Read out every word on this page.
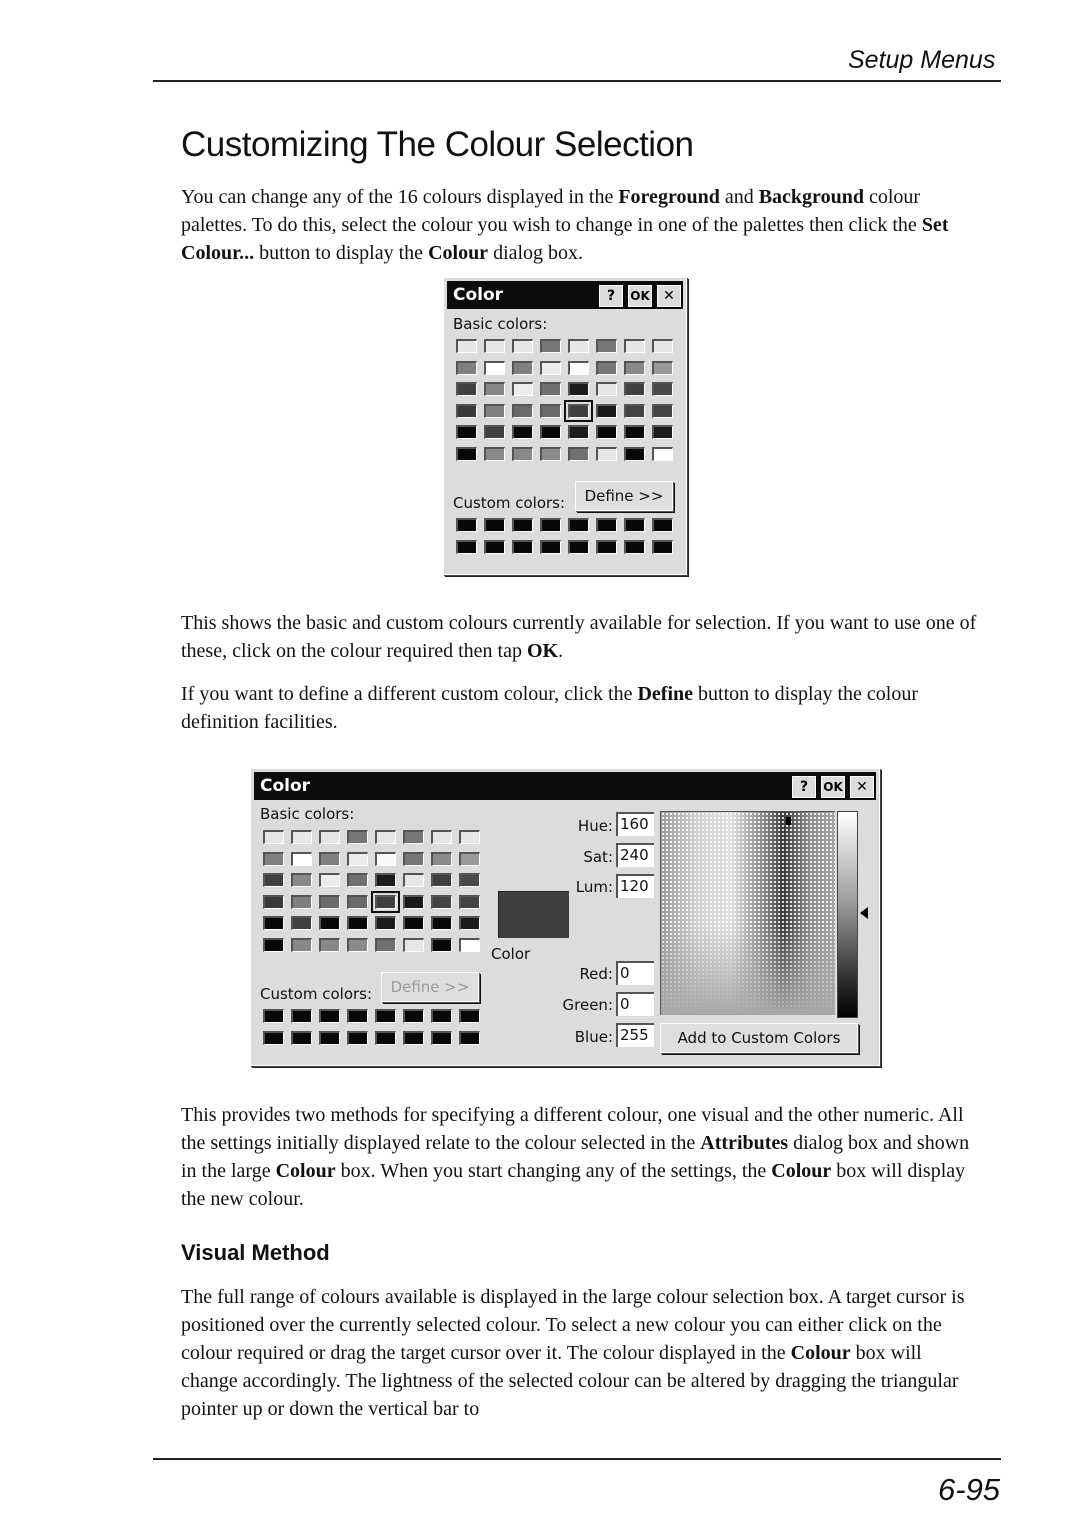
Setup Menus
Customizing The Colour Selection

You can change any of the 16 colours displayed in the Foreground and Background colour palettes. To do this, select the colour you wish to change in one of the palettes then click the Set Colour... button to display the Colour dialog box.

Color	?	OK ✕
Basic colors:
Custom colors:	Define >>

This shows the basic and custom colours currently available for selection. If you want to use one of these, click on the colour required then tap OK.

If you want to define a different custom colour, click the Define button to display the colour definition facilities.

Color	?	OK ✕
Basic colors:
Custom colors:	Define >>
Color
Hue: 160
Sat: 240
Lum: 120
Red: 0
Green: 0
Blue: 255	Add to Custom Colors

This provides two methods for specifying a different colour, one visual and the other numeric. All the settings initially displayed relate to the colour selected in the Attributes dialog box and shown in the large Colour box. When you start changing any of the settings, the Colour box will display the new colour.

Visual Method

The full range of colours available is displayed in the large colour selection box. A target cursor is positioned over the currently selected colour. To select a new colour you can either click on the colour required or drag the target cursor over it. The colour displayed in the Colour box will change accordingly. The lightness of the selected colour can be altered by dragging the triangular pointer up or down the vertical bar to

6-95
